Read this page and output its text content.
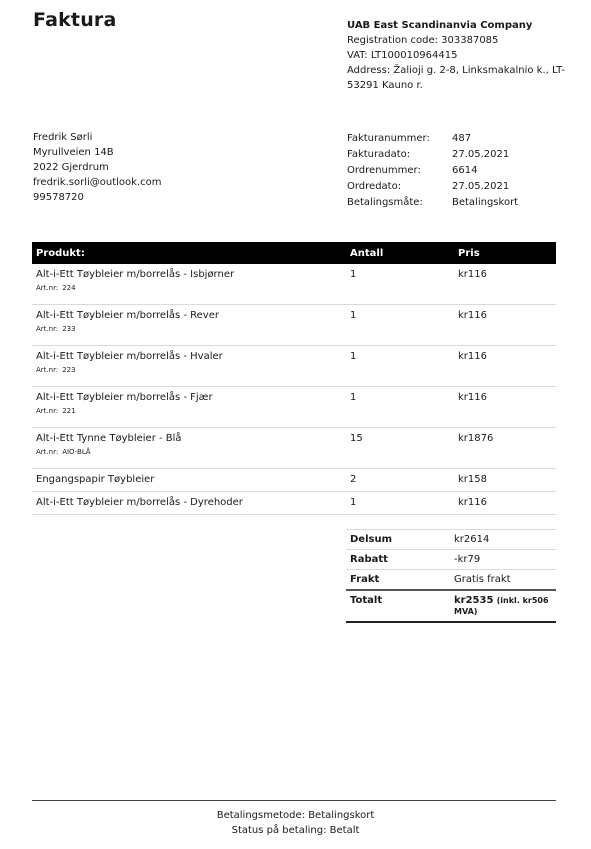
Faktura	UAB East Scandinanvia Company
Registration code: 303387085
VAT: LT100010964415
Address: Žalioji g. 2-8, Linksmakalnio k., LT-
53291 Kauno r.
Fredrik Sørli
Myrullveien 14B
2022 Gjerdrum
fredrik.sorli@outlook.com
99578720
Fakturanummer:	487
Fakturadato:	27.05.2021
Ordrenummer:	6614
Ordredato:	27.05.2021
Betalingsmåte:	Betalingskort
Produkt:	Antall	Pris

Alt-i-Ett Tøybleier m/borrelås - Isbjørner
Art.nr: 224	1	kr116

Alt-i-Ett Tøybleier m/borrelås - Rever
Art.nr: 233	1	kr116

Alt-i-Ett Tøybleier m/borrelås - Hvaler
Art.nr: 223	1	kr116

Alt-i-Ett Tøybleier m/borrelås - Fjær
Art.nr: 221	1	kr116

Alt-i-Ett Tynne Tøybleier - Blå
Art.nr: AIO-BLÅ	15	kr1876

Engangspapir Tøybleier	2	kr158

Alt-i-Ett Tøybleier m/borrelås - Dyrehoder	1	kr116
Delsum	kr2614
Rabatt	-kr79
Frakt	Gratis frakt
Totalt	kr2535 (inkl. kr506 MVA)
Betalingsmetode: Betalingskort
Status på betaling: Betalt
